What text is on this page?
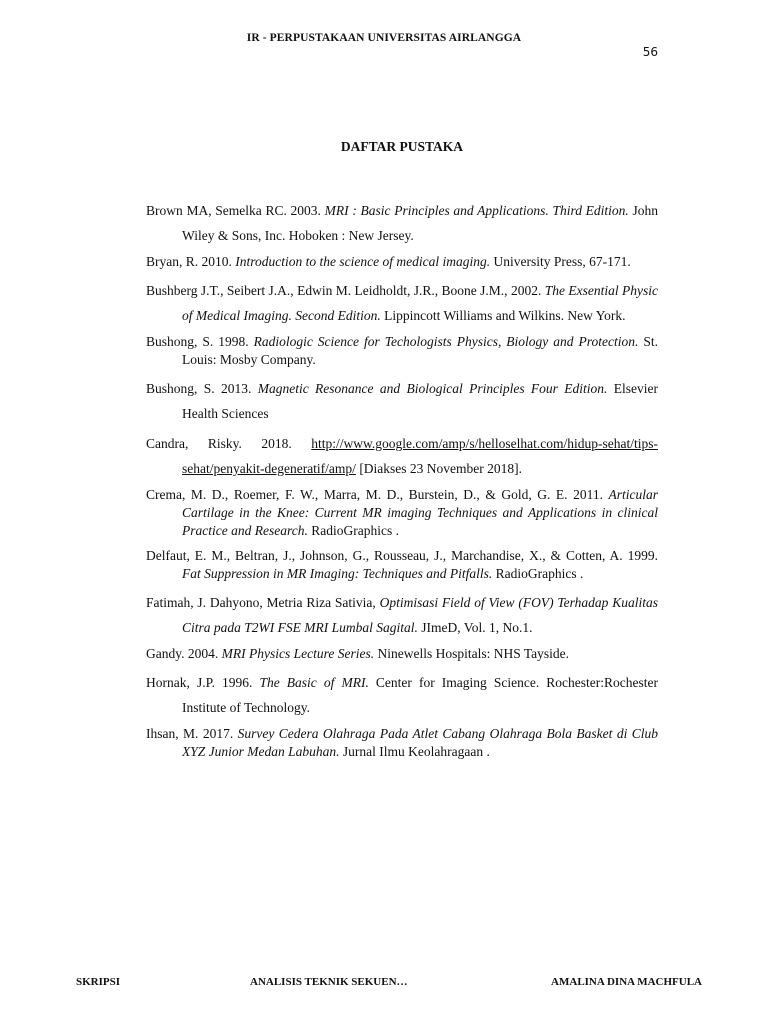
IR - PERPUSTAKAAN UNIVERSITAS AIRLANGGA
56
DAFTAR PUSTAKA

Brown MA, Semelka RC. 2003. MRI : Basic Principles and Applications. Third Edition. John Wiley & Sons, Inc. Hoboken : New Jersey.

Bryan, R. 2010. Introduction to the science of medical imaging. University Press, 67-171.

Bushberg J.T., Seibert J.A., Edwin M. Leidholdt, J.R., Boone J.M., 2002. The Exsential Physic of Medical Imaging. Second Edition. Lippincott Williams and Wilkins. New York.

Bushong, S. 1998. Radiologic Science for Techologists Physics, Biology and Protection. St. Louis: Mosby Company.

Bushong, S. 2013. Magnetic Resonance and Biological Principles Four Edition. Elsevier Health Sciences

Candra, Risky. 2018. http://www.google.com/amp/s/helloselhat.com/hidup-sehat/tips-sehat/penyakit-degeneratif/amp/ [Diakses 23 November 2018].

Crema, M. D., Roemer, F. W., Marra, M. D., Burstein, D., & Gold, G. E. 2011. Articular Cartilage in the Knee: Current MR imaging Techniques and Applications in clinical Practice and Research. RadioGraphics .

Delfaut, E. M., Beltran, J., Johnson, G., Rousseau, J., Marchandise, X., & Cotten, A. 1999. Fat Suppression in MR Imaging: Techniques and Pitfalls. RadioGraphics .

Fatimah, J. Dahyono, Metria Riza Sativia, Optimisasi Field of View (FOV) Terhadap Kualitas Citra pada T2WI FSE MRI Lumbal Sagital. JImeD, Vol. 1, No.1.

Gandy. 2004. MRI Physics Lecture Series. Ninewells Hospitals: NHS Tayside.

Hornak, J.P. 1996. The Basic of MRI. Center for Imaging Science. Rochester:Rochester Institute of Technology.

Ihsan, M. 2017. Survey Cedera Olahraga Pada Atlet Cabang Olahraga Bola Basket di Club XYZ Junior Medan Labuhan. Jurnal Ilmu Keolahragaan .

SKRIPSI	ANALISIS TEKNIK SEKUEN…	AMALINA DINA MACHFULA
